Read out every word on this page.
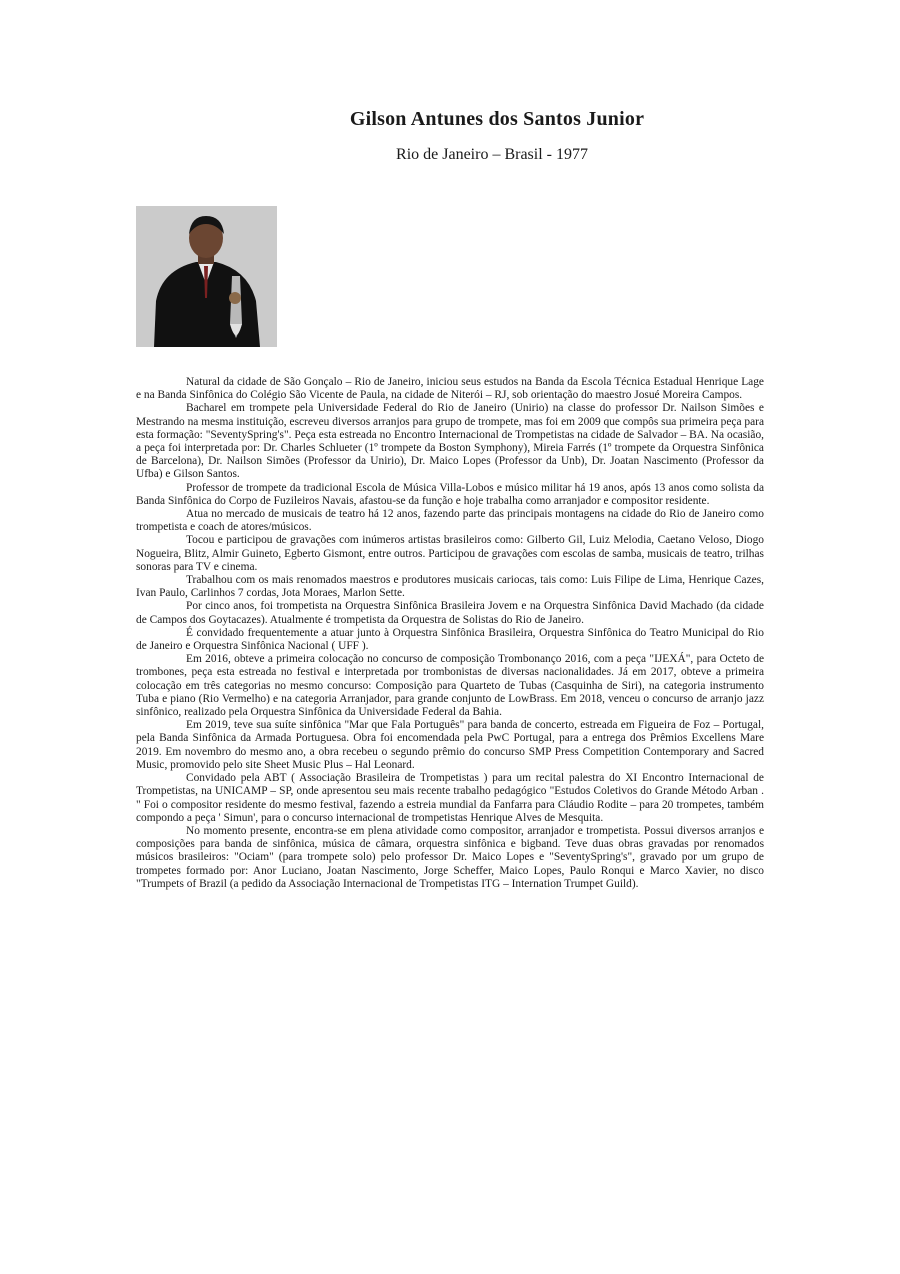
Gilson Antunes dos Santos Junior
Rio de Janeiro – Brasil - 1977

Natural da cidade de São Gonçalo – Rio de Janeiro, iniciou seus estudos na Banda da Escola Técnica Estadual Henrique Lage e na Banda Sinfônica do Colégio São Vicente de Paula, na cidade de Niterói – RJ, sob orientação do maestro Josué Moreira Campos.

Bacharel em trompete pela Universidade Federal do Rio de Janeiro (Unirio) na classe do professor Dr. Nailson Simões e Mestrando na mesma instituição, escreveu diversos arranjos para grupo de trompete, mas foi em 2009 que compôs sua primeira peça para esta formação: "SeventySpring's". Peça esta estreada no Encontro Internacional de Trompetistas na cidade de Salvador – BA. Na ocasião, a peça foi interpretada por: Dr. Charles Schlueter (1º trompete da Boston Symphony), Mireia Farrés (1º trompete da Orquestra Sinfônica de Barcelona), Dr. Nailson Simões (Professor da Unirio), Dr. Maico Lopes (Professor da Unb), Dr. Joatan Nascimento (Professor da Ufba) e Gilson Santos.

Professor de trompete da tradicional Escola de Música Villa-Lobos e músico militar há 19 anos, após 13 anos como solista da Banda Sinfônica do Corpo de Fuzileiros Navais, afastou-se da função e hoje trabalha como arranjador e compositor residente.

Atua no mercado de musicais de teatro há 12 anos, fazendo parte das principais montagens na cidade do Rio de Janeiro como trompetista e coach de atores/músicos.

Tocou e participou de gravações com inúmeros artistas brasileiros como: Gilberto Gil, Luiz Melodia, Caetano Veloso, Diogo Nogueira, Blitz, Almir Guineto, Egberto Gismont, entre outros. Participou de gravações com escolas de samba, musicais de teatro, trilhas sonoras para TV e cinema.

Trabalhou com os mais renomados maestros e produtores musicais cariocas, tais como: Luis Filipe de Lima, Henrique Cazes, Ivan Paulo, Carlinhos 7 cordas, Jota Moraes, Marlon Sette.

Por cinco anos, foi trompetista na Orquestra Sinfônica Brasileira Jovem e na Orquestra Sinfônica David Machado (da cidade de Campos dos Goytacazes). Atualmente é trompetista da Orquestra de Solistas do Rio de Janeiro.

É convidado frequentemente a atuar junto à Orquestra Sinfônica Brasileira, Orquestra Sinfônica do Teatro Municipal do Rio de Janeiro e Orquestra Sinfônica Nacional ( UFF ).

Em 2016, obteve a primeira colocação no concurso de composição Trombonanço 2016, com a peça "IJEXÁ", para Octeto de trombones, peça esta estreada no festival e interpretada por trombonistas de diversas nacionalidades. Já em 2017, obteve a primeira colocação em três categorias no mesmo concurso: Composição para Quarteto de Tubas (Casquinha de Siri), na categoria instrumento Tuba e piano (Rio Vermelho) e na categoria Arranjador, para grande conjunto de LowBrass. Em 2018, venceu o concurso de arranjo jazz sinfônico, realizado pela Orquestra Sinfônica da Universidade Federal da Bahia.

Em 2019, teve sua suíte sinfônica "Mar que Fala Português" para banda de concerto, estreada em Figueira de Foz – Portugal, pela Banda Sinfônica da Armada Portuguesa. Obra foi encomendada pela PwC Portugal, para a entrega dos Prêmios Excellens Mare 2019. Em novembro do mesmo ano, a obra recebeu o segundo prêmio do concurso SMP Press Competition Contemporary and Sacred Music, promovido pelo site Sheet Music Plus – Hal Leonard.

Convidado pela ABT ( Associação Brasileira de Trompetistas ) para um recital palestra do XI Encontro Internacional de Trompetistas, na UNICAMP – SP, onde apresentou seu mais recente trabalho pedagógico "Estudos Coletivos do Grande Método Arban . " Foi o compositor residente do mesmo festival, fazendo a estreia mundial da Fanfarra para Cláudio Rodite – para 20 trompetes, também compondo a peça ' Simun', para o concurso internacional de trompetistas Henrique Alves de Mesquita.

No momento presente, encontra-se em plena atividade como compositor, arranjador e trompetista. Possui diversos arranjos e composições para banda de sinfônica, música de câmara, orquestra sinfônica e bigband. Teve duas obras gravadas por renomados músicos brasileiros: "Ociam" (para trompete solo) pelo professor Dr. Maico Lopes e "SeventySpring's", gravado por um grupo de trompetes formado por: Anor Luciano, Joatan Nascimento, Jorge Scheffer, Maico Lopes, Paulo Ronqui e Marco Xavier, no disco "Trumpets of Brazil (a pedido da Associação Internacional de Trompetistas ITG – Internation Trumpet Guild).
